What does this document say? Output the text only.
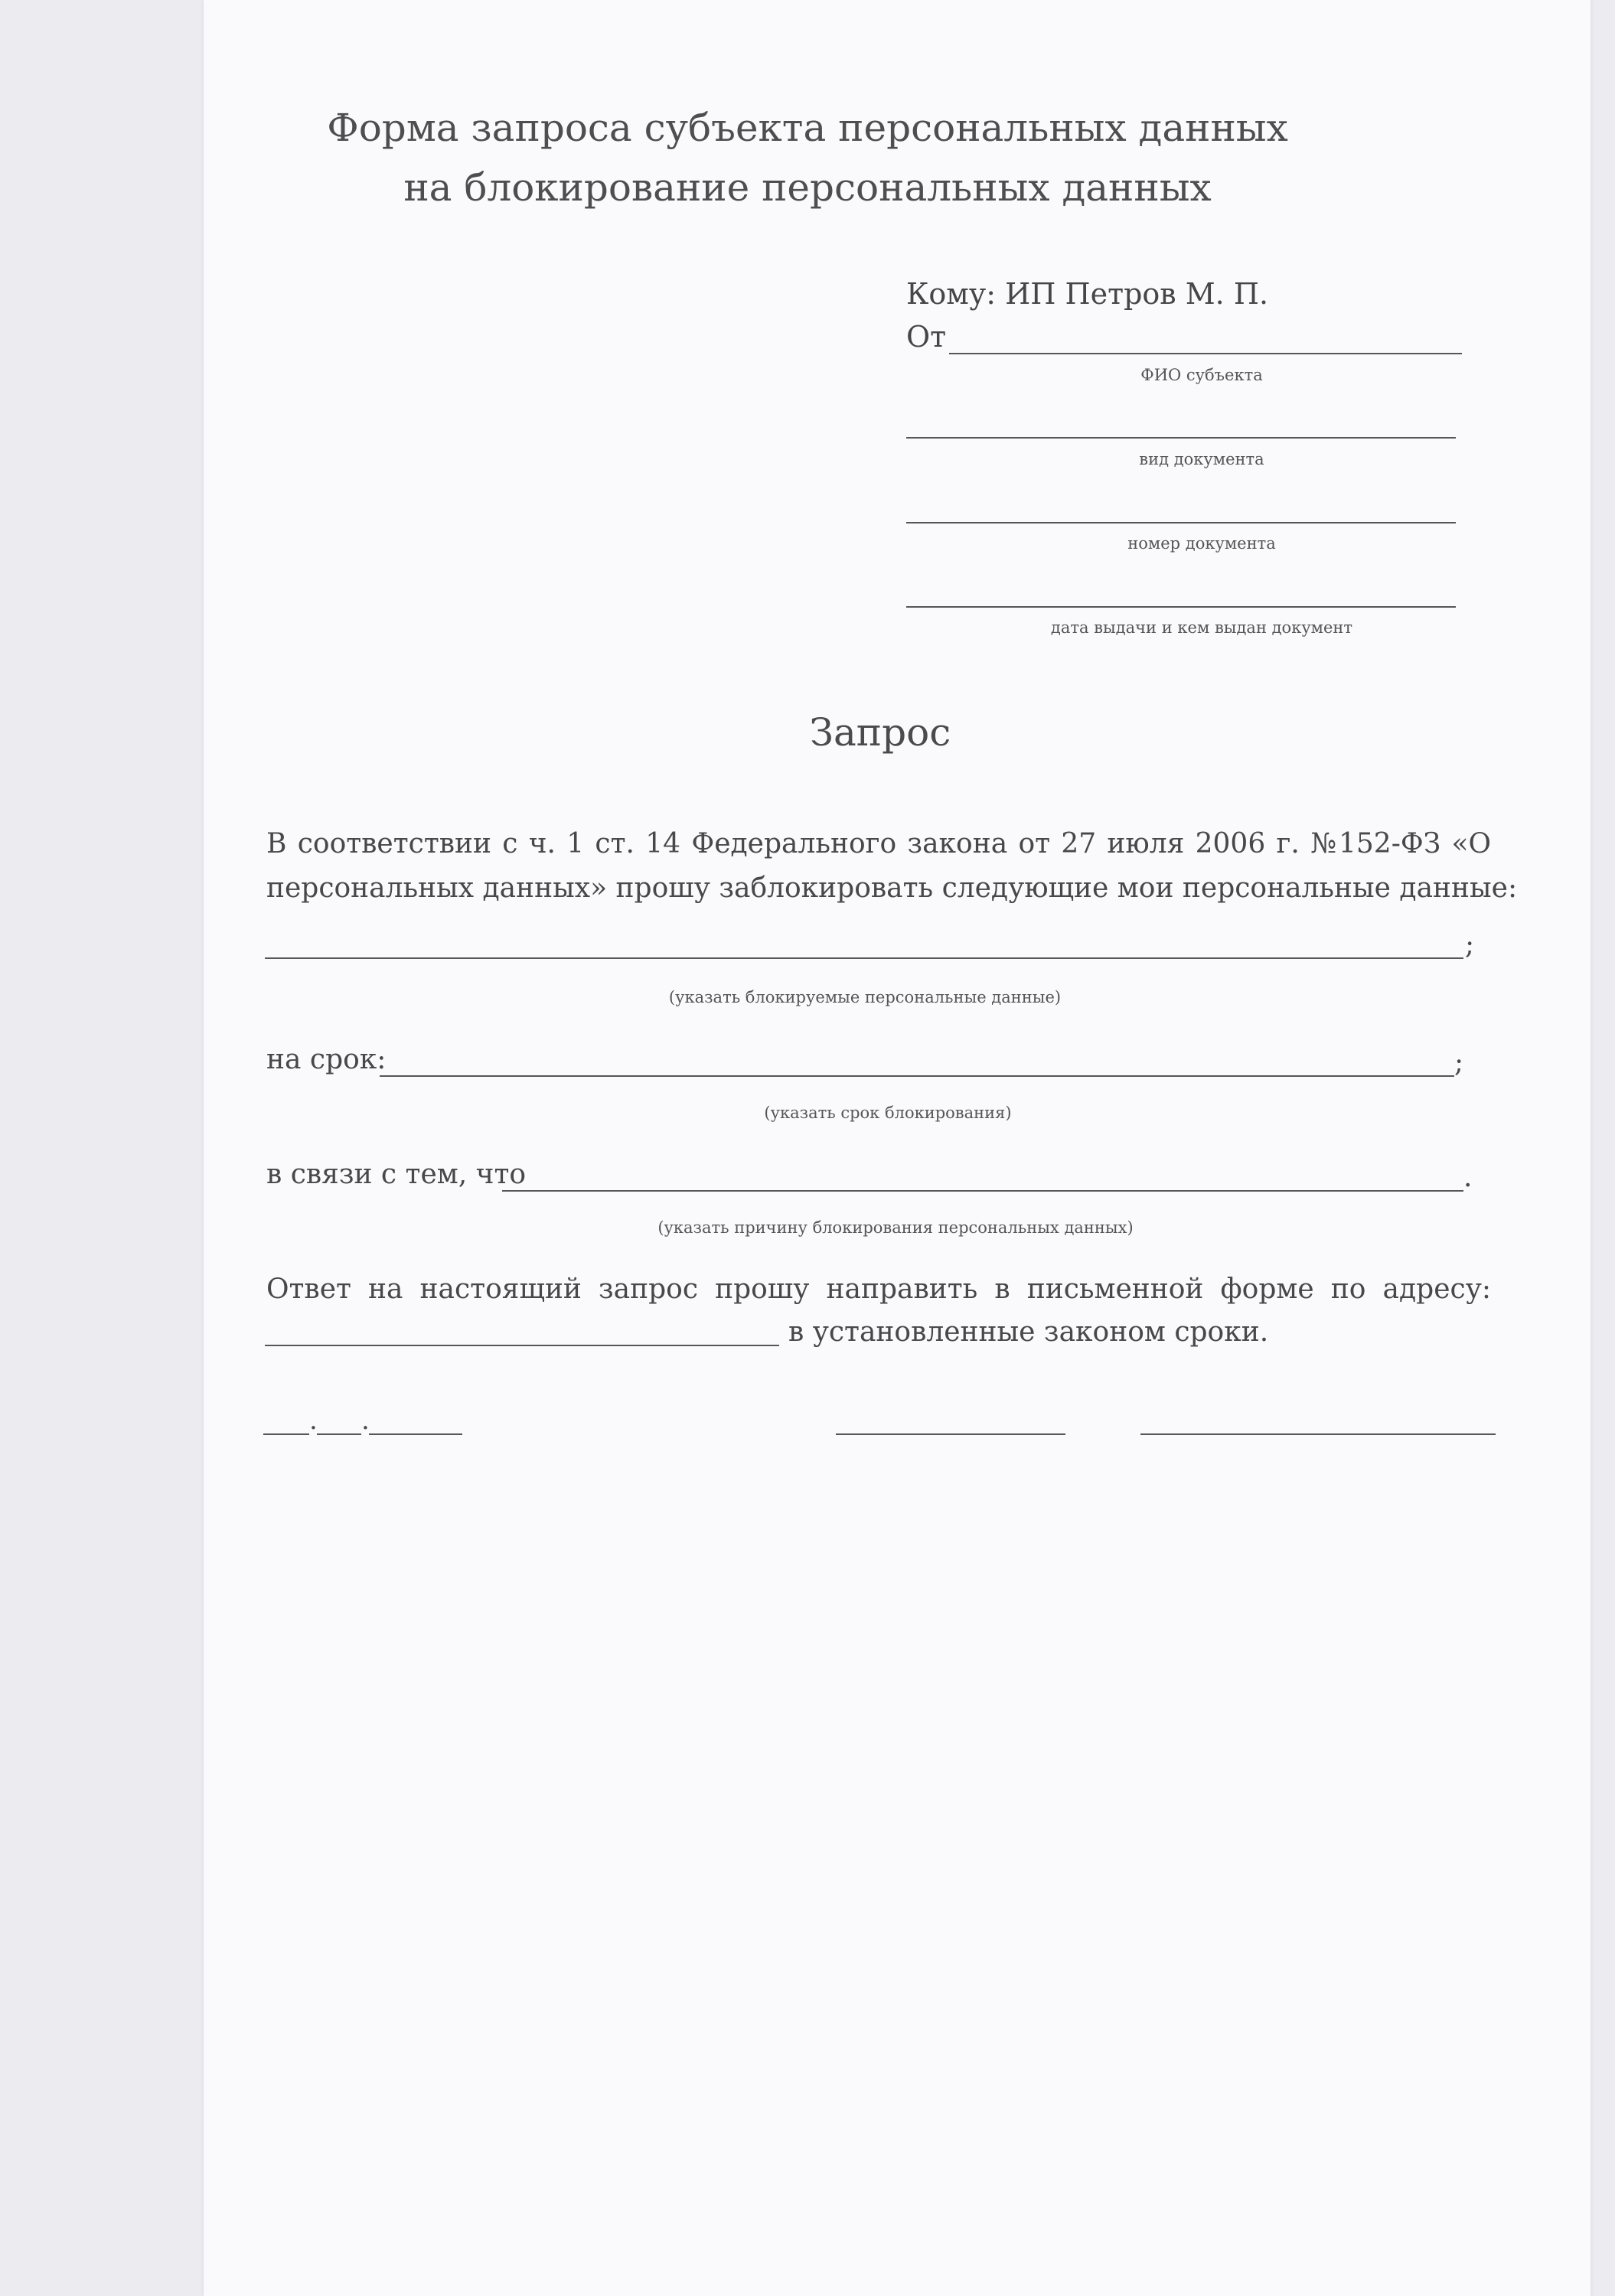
Форма запроса субъекта персональных данных
на блокирование персональных данных
Кому: ИП Петров М. П.
От
ФИО субъекта
вид документа
номер документа
дата выдачи и кем выдан документ
Запрос
В соответствии с ч. 1 ст. 14 Федерального закона от 27 июля 2006 г. №152-ФЗ «О
персональных данных» прошу заблокировать следующие мои персональные данные:
;
(указать блокируемые персональные данные)
на срок:	;
(указать срок блокирования)
в связи с тем, что	.
(указать причину блокирования персональных данных)
Ответ на настоящий запрос прошу направить в письменной форме по адресу:
в установленные законом сроки.
. .
